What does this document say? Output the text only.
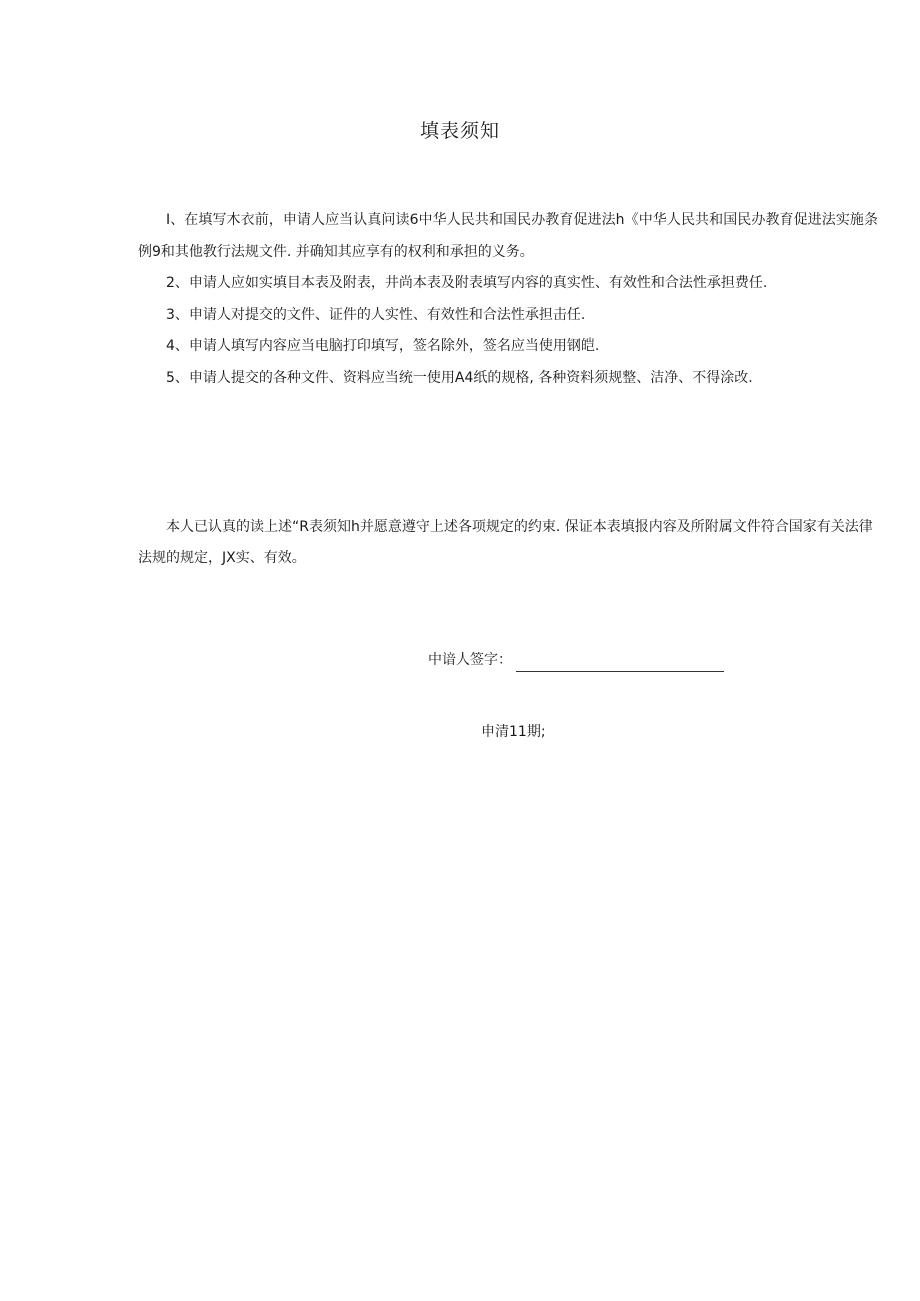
填表须知

I、在填写木衣前，申请人应当认真问读6中华人民共和国民办教育促进法h《中华人民共和国民办教育促进法实施条例9和其他教行法规文件. 并确知其应享有的权利和承担的义务。

2、申请人应如实填目本表及附表，井尚本表及附表填写内容的真实性、有效性和合法性承担费任.

3、申请人对提交的文件、证件的人实性、有效性和合法性承担击任.

4、申请人填写内容应当电脑打印填写，签名除外，签名应当使用钢皑.

5、申请人提交的各种文件、资料应当统一使用A4纸的规格, 各种资料须规整、洁净、不得涂改.

本人已认真的读上述“R表须知h并愿意遵守上述各项规定的约束. 保证本表填报内容及所附属文件符合国家有关法律法规的规定，JX实、有效。

中谙人签字：
申清11期;
